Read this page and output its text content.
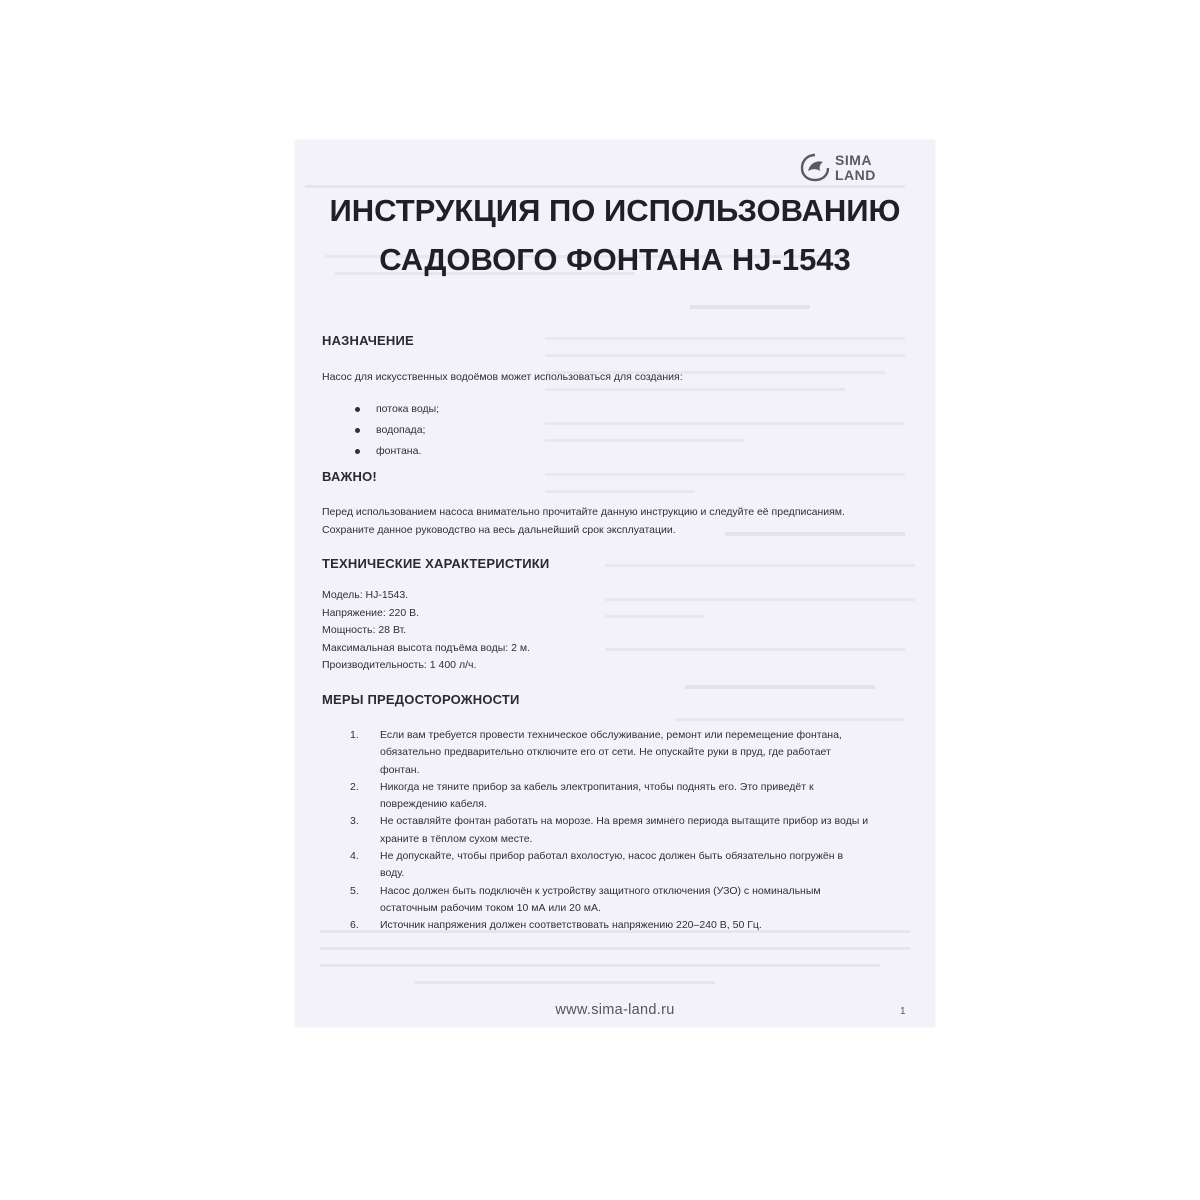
SIMA
LAND
ИНСТРУКЦИЯ ПО ИСПОЛЬЗОВАНИЮ
САДОВОГО ФОНТАНА HJ-1543
НАЗНАЧЕНИЕ
Насос для искусственных водоёмов может использоваться для создания:
потока воды;
водопада;
фонтана.
ВАЖНО!
Перед использованием насоса внимательно прочитайте данную инструкцию и следуйте её предписаниям.
Сохраните данное руководство на весь дальнейший срок эксплуатации.
ТЕХНИЧЕСКИЕ ХАРАКТЕРИСТИКИ
Модель: HJ-1543.
Напряжение: 220 В.
Мощность: 28 Вт.
Максимальная высота подъёма воды: 2 м.
Производительность: 1 400 л/ч.
МЕРЫ ПРЕДОСТОРОЖНОСТИ
1. Если вам требуется провести техническое обслуживание, ремонт или перемещение фонтана,
обязательно предварительно отключите его от сети. Не опускайте руки в пруд, где работает
фонтан.
2. Никогда не тяните прибор за кабель электропитания, чтобы поднять его. Это приведёт к
повреждению кабеля.
3. Не оставляйте фонтан работать на морозе. На время зимнего периода вытащите прибор из воды и
храните в тёплом сухом месте.
4. Не допускайте, чтобы прибор работал вхолостую, насос должен быть обязательно погружён в
воду.
5. Насос должен быть подключён к устройству защитного отключения (УЗО) с номинальным
остаточным рабочим током 10 мА или 20 мА.
6. Источник напряжения должен соответствовать напряжению 220–240 В, 50 Гц.
www.sima-land.ru	1
